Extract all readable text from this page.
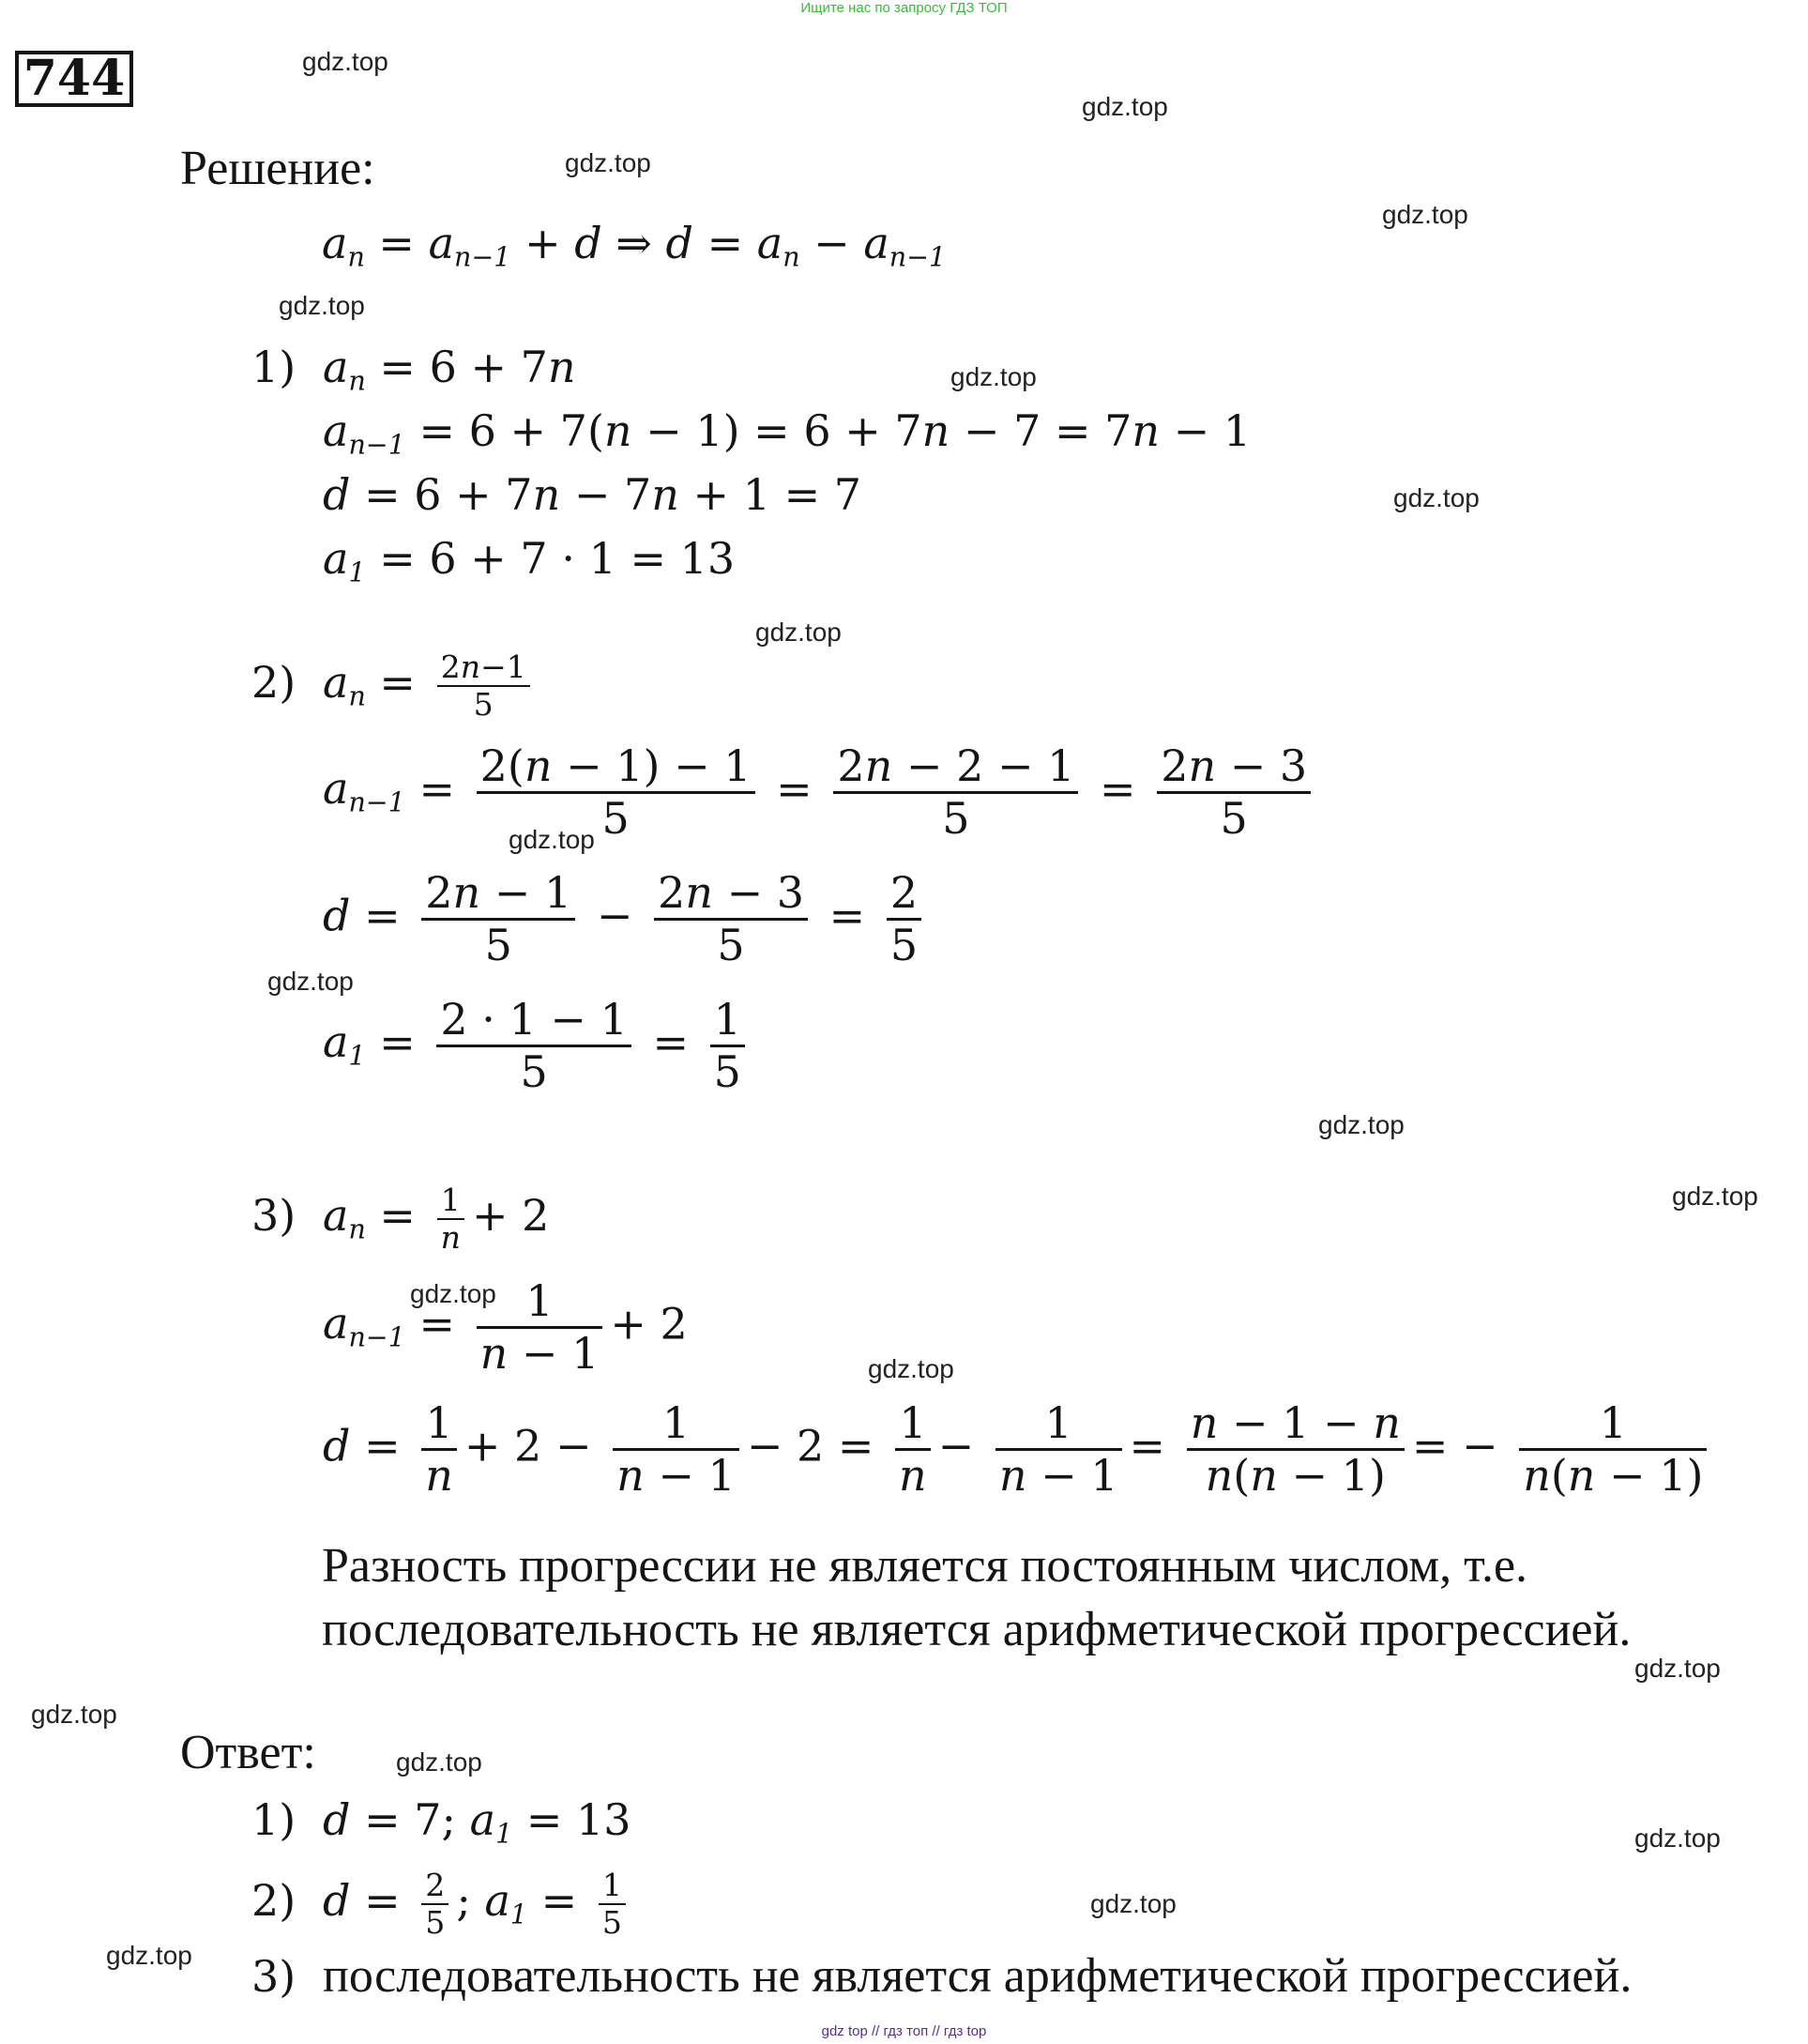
Ищите нас по запросу ГДЗ ТОП
744	gdz.top
gdz.top
gdz.top
gdz.top
gdz.top
gdz.top
gdz.top
gdz.top
gdz.top
gdz.top
gdz.top
gdz.top
gdz.top
gdz.top
gdz.top
gdz.top
gdz.top
gdz.top
gdz.top
gdz.top
Решение:
$a_n = a_{n-1} + d$ ⇒ $d = a_n - a_{n-1}$
1) $a_n = 6 + 7n$
$a_{n-1} = 6 + 7(n - 1) = 6 + 7n - 7 = 7n - 1$
d = 6 + 7n − 7n + 1 = 7
$a_1 = 6 + 7 \cdot 1 = 13$
2) $a_n = \frac{2n-1}{5}$
$a_{n-1} = \frac{2(n - 1) - 1}{5} = \frac{2n - 2 - 1}{5} = \frac{2n - 3}{5}$
$d = \frac{2n - 1}{5} - \frac{2n - 3}{5} = \frac{2}{5}$
$a_1 = \frac{2 \cdot 1 - 1}{5} = \frac{1}{5}$
3) $a_n = \frac{1}{n} + 2$
$a_{n-1} = \frac{1}{n - 1} + 2$
$d = \frac{1}{n} + 2 - \frac{1}{n - 1} - 2 = \frac{1}{n} - \frac{1}{n - 1} = \frac{n - 1 - n}{n(n - 1)}$ = − $\frac{1}{n(n - 1)}$
Разность прогрессии не является постоянным числом, т.е.
последовательность не является арифметической прогрессией.
Ответ:
1) d = 7; $a_1 = 13$
2) $d = \frac{2}{5}$ ; $a_1 = \frac{1}{5}$
3) последовательность не является арифметической прогрессией.
gdz top // гдз топ // гдз top
